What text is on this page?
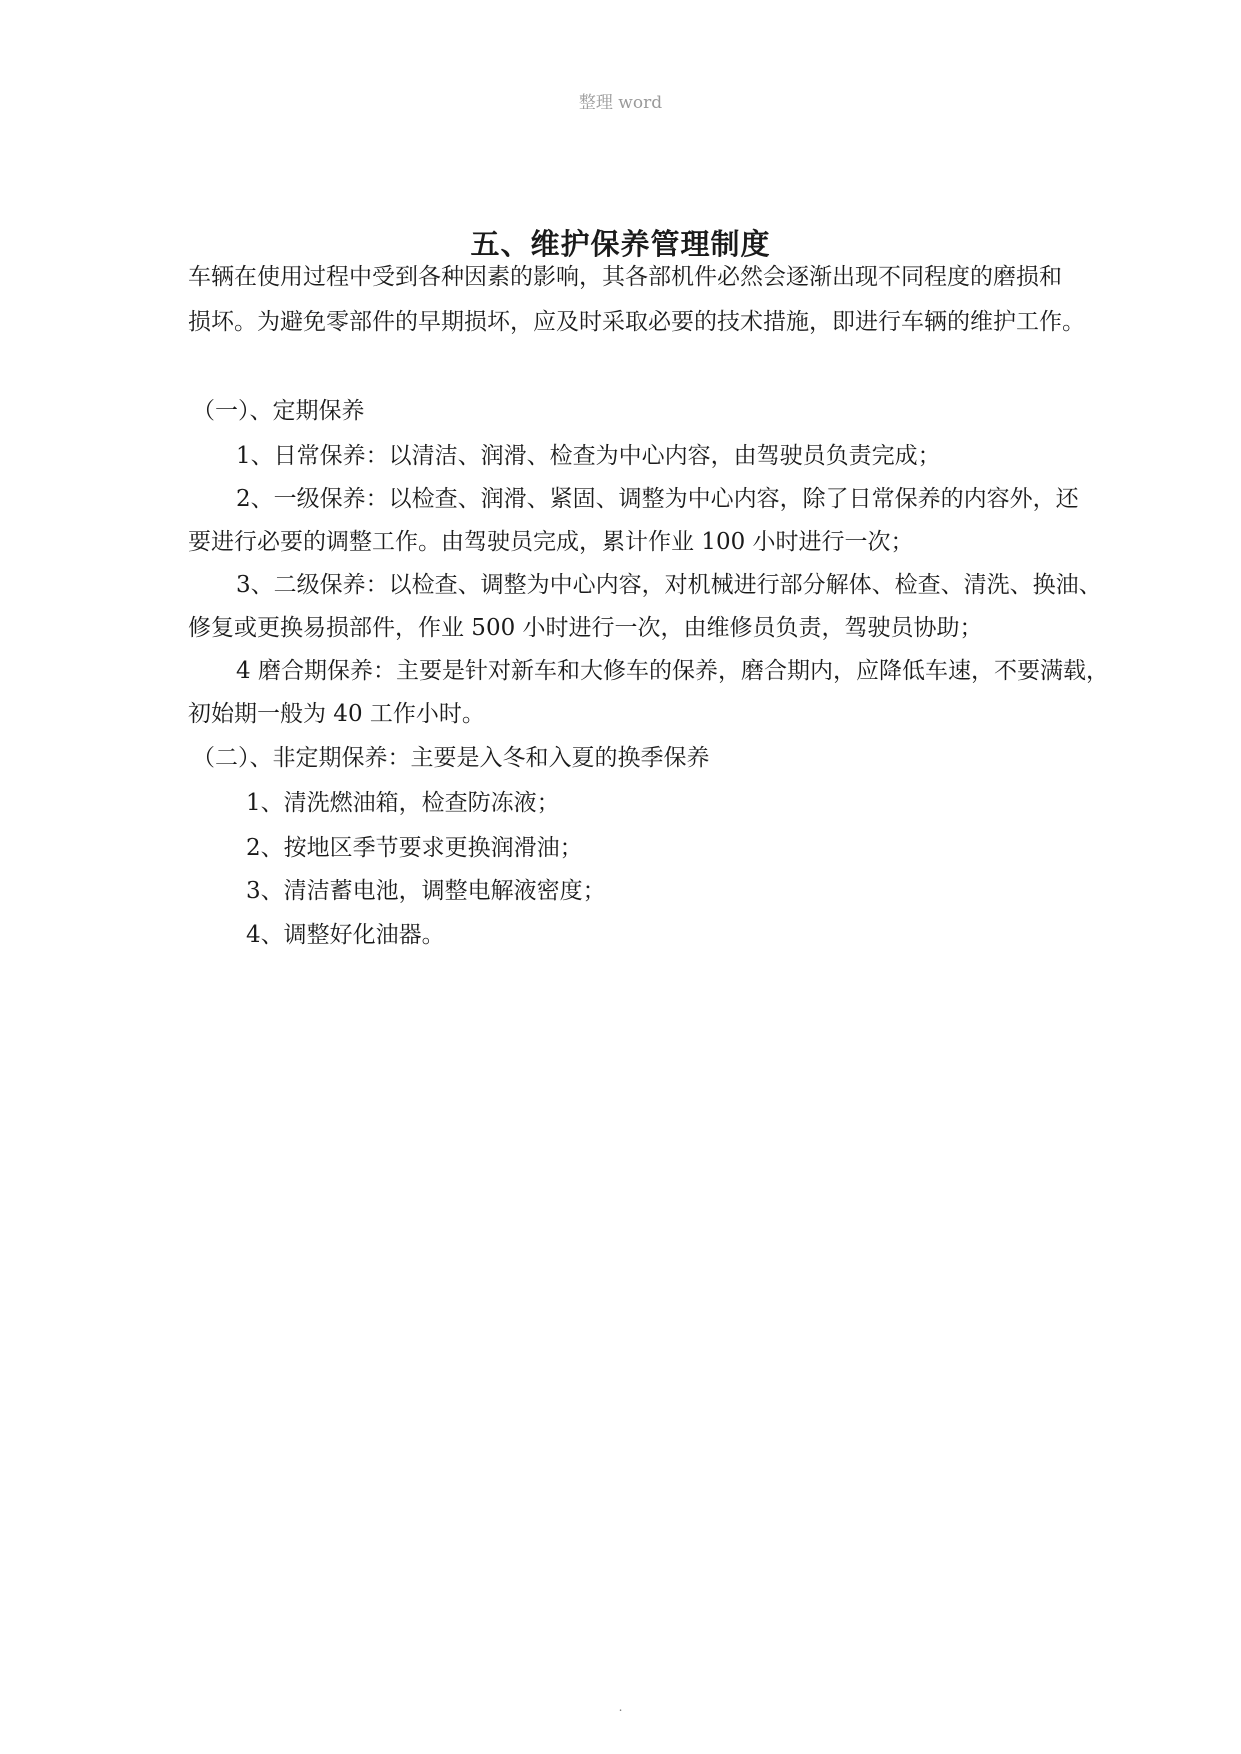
整理 word
五、维护保养管理制度
车辆在使用过程中受到各种因素的影响，其各部机件必然会逐渐出现不同程度的磨损和
损坏。为避免零部件的早期损坏，应及时采取必要的技术措施，即进行车辆的维护工作。
（一）、定期保养
1、日常保养：以清洁、润滑、检查为中心内容，由驾驶员负责完成；
2、一级保养：以检查、润滑、紧固、调整为中心内容，除了日常保养的内容外，还
要进行必要的调整工作。由驾驶员完成，累计作业 100 小时进行一次；
3、二级保养：以检查、调整为中心内容，对机械进行部分解体、检查、清洗、换油、
修复或更换易损部件，作业 500 小时进行一次，由维修员负责，驾驶员协助；
4 磨合期保养：主要是针对新车和大修车的保养，磨合期内，应降低车速，不要满载，
初始期一般为 40 工作小时。
（二）、非定期保养：主要是入冬和入夏的换季保养
1、清洗燃油箱，检查防冻液；
2、按地区季节要求更换润滑油；
3、清洁蓄电池，调整电解液密度；
4、调整好化油器。
.
